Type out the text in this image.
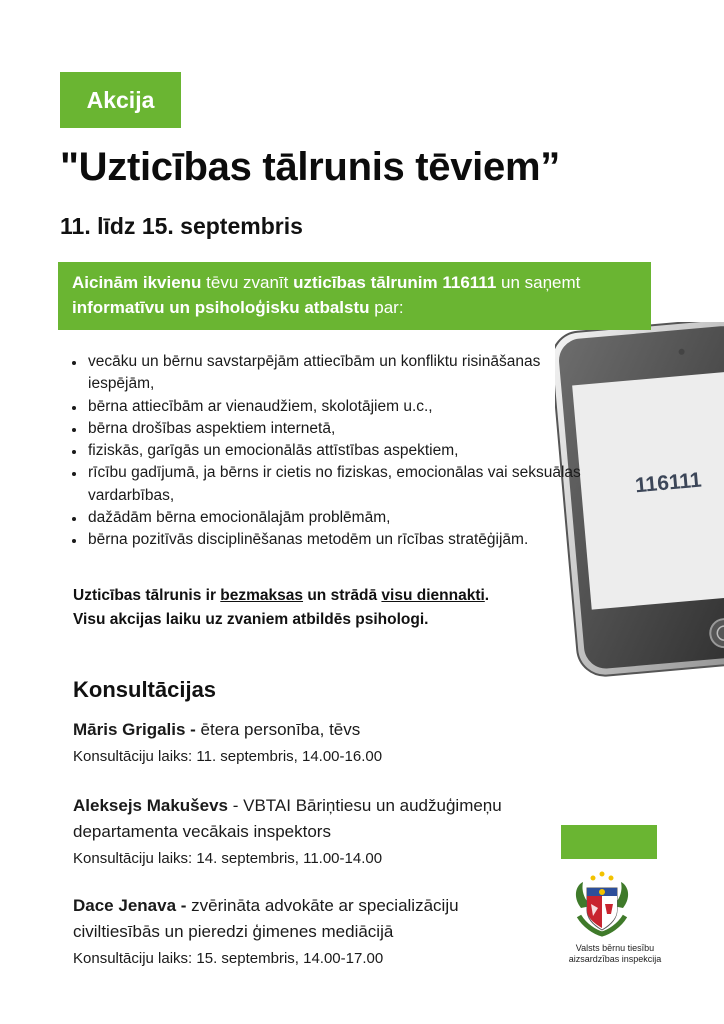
Akcija
"Uzticības tālrunis tēviem”
11. līdz 15. septembris
116111
Aicinām ikvienu tēvu zvanīt uzticības tālrunim 116111 un saņemt informatīvu un psiholoģisku atbalstu par:
• vecāku un bērnu savstarpējām attiecībām un konfliktu risināšanas iespējām,
• bērna attiecībām ar vienaudžiem, skolotājiem u.c.,
• bērna drošības aspektiem internetā,
• fiziskās, garīgās un emocionālās attīstības aspektiem,
• rīcību gadījumā, ja bērns ir cietis no fiziskas, emocionālas vai seksuālas vardarbības,
• dažādām bērna emocionālajām problēmām,
• bērna pozitīvās disciplinēšanas metodēm un rīcības stratēģijām.
Uzticības tālrunis ir bezmaksas un strādā visu diennakti.
Visu akcijas laiku uz zvaniem atbildēs psihologi.
Konsultācijas
Māris Grigalis - ētera personība, tēvs
Konsultāciju laiks: 11. septembris, 14.00-16.00
Aleksejs Makuševs - VBTAI Bāriņtiesu un audžuģimeņu departamenta vecākais inspektors
Konsultāciju laiks: 14. septembris, 11.00-14.00
Dace Jenava - zvērināta advokāte ar specializāciju civiltiesībās un pieredzi ģimenes mediācijā
Konsultāciju laiks: 15. septembris, 14.00-17.00
Valsts bērnu tiesību
aizsardzības inspekcija
